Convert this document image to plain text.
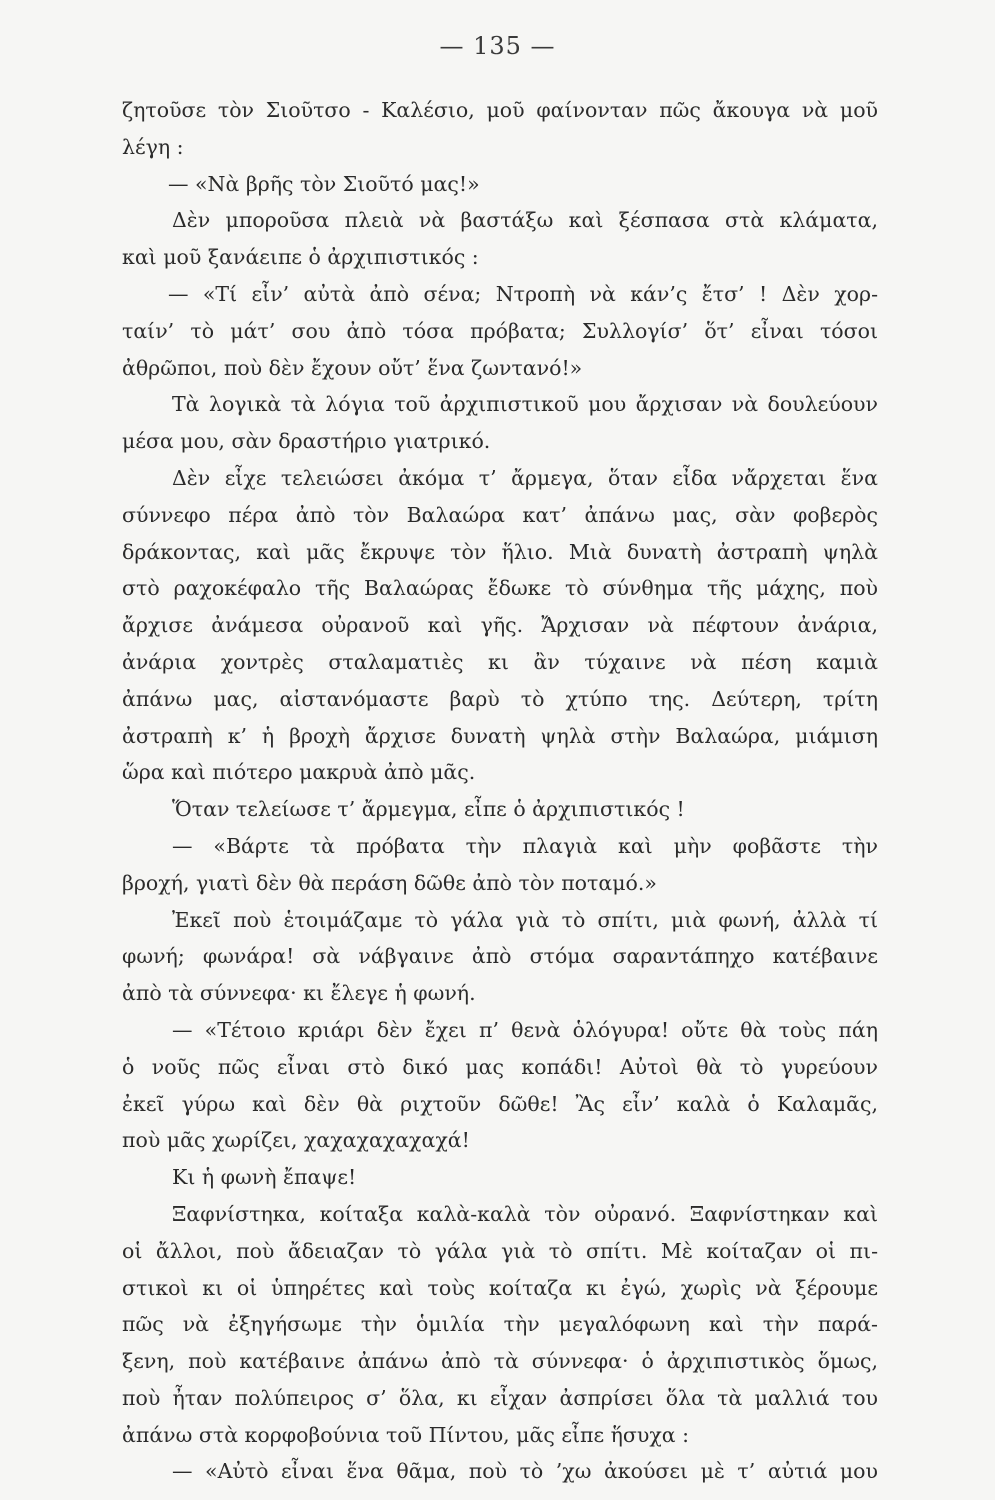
— 135 —
ζητοῦσε τὸν Σιοῦτσο - Καλέσιο, μοῦ φαίνονταν πῶς ἄκουγα νὰ μοῦ
λέγη :
— «Νὰ βρῆς τὸν Σιοῦτό μας!»
Δὲν μποροῦσα πλειὰ νὰ βαστάξω καὶ ξέσπασα στὰ κλάματα,
καὶ μοῦ ξανάειπε ὁ ἀρχιπιστικός :
— «Τί εἶν’ αὐτὰ ἀπὸ σένα; Ντροπὴ νὰ κάν’ς ἔτσ’ ! Δὲν χορ-
ταίν’ τὸ μάτ’ σου ἀπὸ τόσα πρόβατα; Συλλογίσ’ ὅτ’ εἶναι τόσοι
ἀθρῶποι, ποὺ δὲν ἔχουν οὔτ’ ἕνα ζωντανό!»
Τὰ λογικὰ τὰ λόγια τοῦ ἀρχιπιστικοῦ μου ἄρχισαν νὰ δουλεύουν
μέσα μου, σὰν δραστήριο γιατρικό.
Δὲν εἶχε τελειώσει ἀκόμα τ’ ἄρμεγα, ὅταν εἶδα νἄρχεται ἕνα
σύννεφο πέρα ἀπὸ τὸν Βαλαώρα κατ’ ἀπάνω μας, σὰν φοβερὸς
δράκοντας, καὶ μᾶς ἔκρυψε τὸν ἥλιο. Μιὰ δυνατὴ ἀστραπὴ ψηλὰ
στὸ ραχοκέφαλο τῆς Βαλαώρας ἔδωκε τὸ σύνθημα τῆς μάχης, ποὺ
ἄρχισε ἀνάμεσα οὐρανοῦ καὶ γῆς. Ἄρχισαν νὰ πέφτουν ἀνάρια,
ἀνάρια χοντρὲς σταλαματιὲς κι ἂν τύχαινε νὰ πέση καμιὰ
ἀπάνω μας, αἰστανόμαστε βαρὺ τὸ χτύπο της. Δεύτερη, τρίτη
ἀστραπὴ κ’ ἡ βροχὴ ἄρχισε δυνατὴ ψηλὰ στὴν Βαλαώρα, μιάμιση
ὥρα καὶ πιότερο μακρυὰ ἀπὸ μᾶς.
Ὅταν τελείωσε τ’ ἄρμεγμα, εἶπε ὁ ἀρχιπιστικός !
— «Βάρτε τὰ πρόβατα τὴν πλαγιὰ καὶ μὴν φοβᾶστε τὴν
βροχή, γιατὶ δὲν θὰ περάση δῶθε ἀπὸ τὸν ποταμό.»
Ἐκεῖ ποὺ ἑτοιμάζαμε τὸ γάλα γιὰ τὸ σπίτι, μιὰ φωνή, ἀλλὰ τί
φωνή; φωνάρα! σὰ νάβγαινε ἀπὸ στόμα σαραντάπηχο κατέβαινε
ἀπὸ τὰ σύννεφα· κι ἔλεγε ἡ φωνή.
— «Τέτοιο κριάρι δὲν ἔχει π’ θενὰ ὁλόγυρα! οὔτε θὰ τοὺς πάη
ὁ νοῦς πῶς εἶναι στὸ δικό μας κοπάδι! Αὐτοὶ θὰ τὸ γυρεύουν
ἐκεῖ γύρω καὶ δὲν θὰ ριχτοῦν δῶθε! Ἂς εἶν’ καλὰ ὁ Καλαμᾶς,
ποὺ μᾶς χωρίζει, χαχαχαχαχαχά!
Κι ἡ φωνὴ ἔπαψε!
Ξαφνίστηκα, κοίταξα καλὰ-καλὰ τὸν οὐρανό. Ξαφνίστηκαν καὶ
οἱ ἄλλοι, ποὺ ἄδειαζαν τὸ γάλα γιὰ τὸ σπίτι. Μὲ κοίταζαν οἱ πι-
στικοὶ κι οἱ ὑπηρέτες καὶ τοὺς κοίταζα κι ἐγώ, χωρὶς νὰ ξέρουμε
πῶς νὰ ἐξηγήσωμε τὴν ὁμιλία τὴν μεγαλόφωνη καὶ τὴν παρά-
ξενη, ποὺ κατέβαινε ἀπάνω ἀπὸ τὰ σύννεφα· ὁ ἀρχιπιστικὸς ὅμως,
ποὺ ἦταν πολύπειρος σ’ ὅλα, κι εἶχαν ἀσπρίσει ὅλα τὰ μαλλιά του
ἀπάνω στὰ κορφοβούνια τοῦ Πίντου, μᾶς εἶπε ἥσυχα :
— «Αὐτὸ εἶναι ἕνα θᾶμα, ποὺ τὸ ’χω ἀκούσει μὲ τ’ αὐτιά μου
